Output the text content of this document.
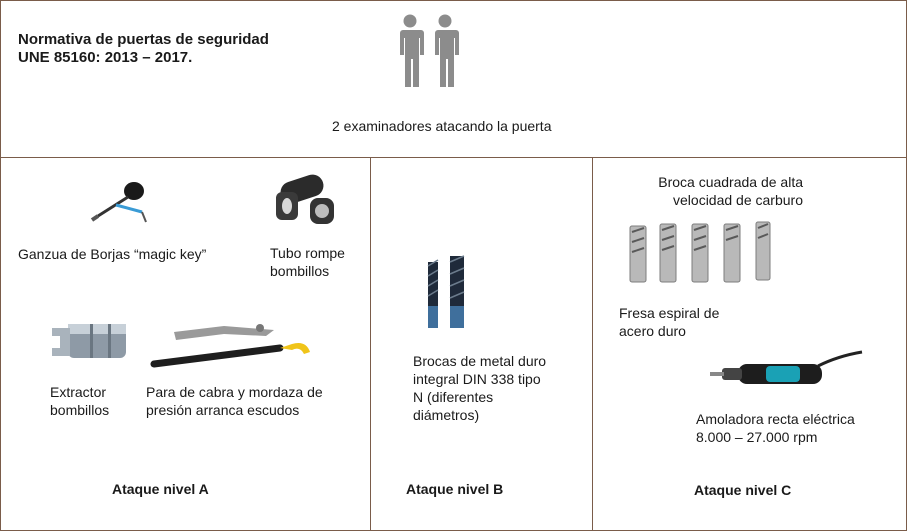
Normativa de puertas de seguridad
UNE 85160: 2013 – 2017.
2 examinadores atacando la puerta
Ganzua de Borjas “magic key”	Tubo rompe
bombillos
Extractor
bombillos
Para de cabra y mordaza de
presión arranca escudos
Ataque nivel A
Brocas de metal duro
integral DIN 338 tipo
N (diferentes
diámetros)
Ataque nivel B
Broca cuadrada de alta
velocidad de carburo
Fresa espiral de
acero duro
Amoladora recta eléctrica
8.000 – 27.000 rpm
Ataque nivel C
